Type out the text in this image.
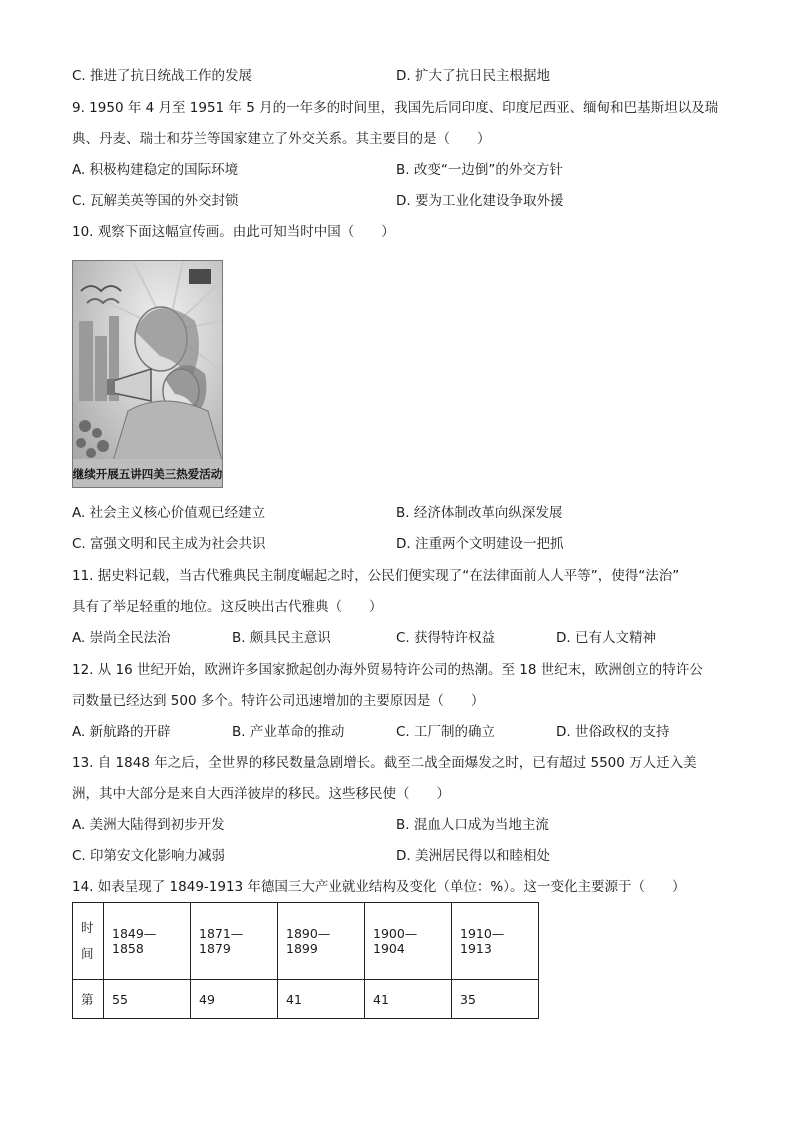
C. 推进了抗日统战工作的发展	D. 扩大了抗日民主根据地
9. 1950 年 4 月至 1951 年 5 月的一年多的时间里，我国先后同印度、印度尼西亚、缅甸和巴基斯坦以及瑞
典、丹麦、瑞士和芬兰等国家建立了外交关系。其主要目的是（　　）
A. 积极构建稳定的国际环境	B. 改变“一边倒”的外交方针
C. 瓦解美英等国的外交封锁	D. 要为工业化建设争取外援
10. 观察下面这幅宣传画。由此可知当时中国（　　）
继续开展五讲四美三热爱活动
A. 社会主义核心价值观已经建立	B. 经济体制改革向纵深发展
C. 富强文明和民主成为社会共识	D. 注重两个文明建设一把抓
11. 据史料记载，当古代雅典民主制度崛起之时，公民们便实现了“在法律面前人人平等”，使得“法治”
具有了举足轻重的地位。这反映出古代雅典（　　）
A. 崇尚全民法治	B. 颇具民主意识	C. 获得特许权益	D. 已有人文精神
12. 从 16 世纪开始，欧洲许多国家掀起创办海外贸易特许公司的热潮。至 18 世纪末，欧洲创立的特许公
司数量已经达到 500 多个。特许公司迅速增加的主要原因是（　　）
A. 新航路的开辟	B. 产业革命的推动	C. 工厂制的确立	D. 世俗政权的支持
13. 自 1848 年之后，全世界的移民数量急剧增长。截至二战全面爆发之时，已有超过 5500 万人迁入美
洲，其中大部分是来自大西洋彼岸的移民。这些移民使（　　）
A. 美洲大陆得到初步开发	B. 混血人口成为当地主流
C. 印第安文化影响力减弱	D. 美洲居民得以和睦相处
14. 如表呈现了 1849-1913 年德国三大产业就业结构及变化（单位：%）。这一变化主要源于（　　）
时
间	1849—1858	1871—1879	1890—1899	1900—1904	1910—1913
第	55	49	41	41	35
